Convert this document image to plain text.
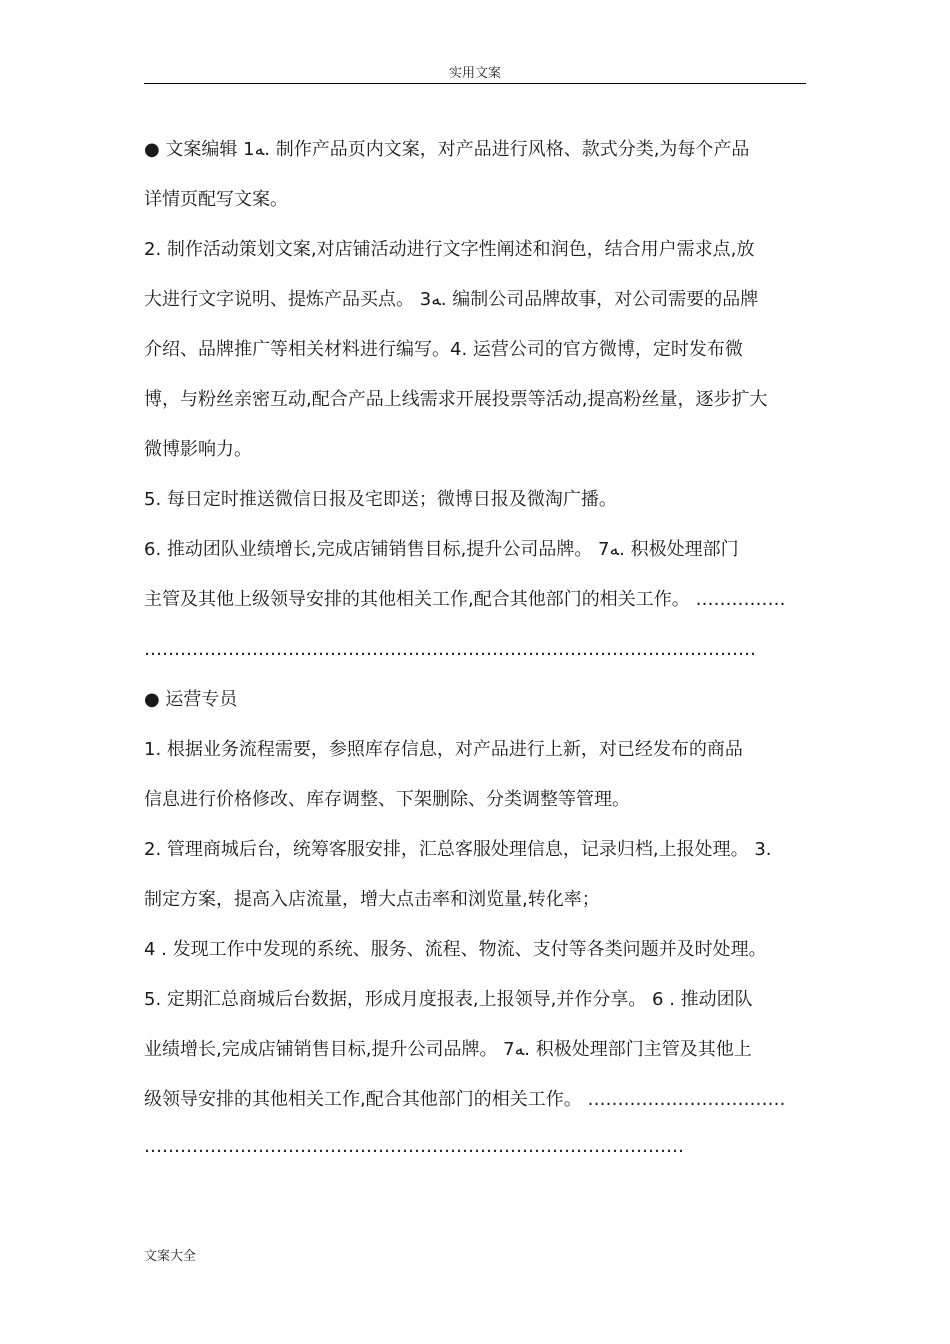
实用文案
● 文案编辑 1ﻪ. 制作产品页内文案，对产品进行风格、款式分类,为每个产品
详情页配写文案。
2. 制作活动策划文案,对店铺活动进行文字性阐述和润色，结合用户需求点,放
大进行文字说明、提炼产品买点。 3ﻪ. 编制公司品牌故事，对公司需要的品牌
介绍、品牌推广等相关材料进行编写。4. 运营公司的官方微博，定时发布微
博，与粉丝亲密互动,配合产品上线需求开展投票等活动,提高粉丝量，逐步扩大
微博影响力。
5. 每日定时推送微信日报及宅即送；微博日报及微淘广播。
6. 推动团队业绩增长,完成店铺销售目标,提升公司品牌。 7ﻪ. 积极处理部门
主管及其他上级领导安排的其他相关工作,配合其他部门的相关工作。 ……………
…………………………………………………………………………………………
● 运营专员
1. 根据业务流程需要，参照库存信息，对产品进行上新，对已经发布的商品
信息进行价格修改、库存调整、下架删除、分类调整等管理。
2. 管理商城后台，统筹客服安排，汇总客服处理信息，记录归档,上报处理。 3.
制定方案，提高入店流量，增大点击率和浏览量,转化率；
4 . 发现工作中发现的系统、服务、流程、物流、支付等各类问题并及时处理。
5. 定期汇总商城后台数据，形成月度报表,上报领导,并作分享。 6 . 推动团队
业绩增长,完成店铺销售目标,提升公司品牌。 7ﻪ. 积极处理部门主管及其他上
级领导安排的其他相关工作,配合其他部门的相关工作。 ……………………………
………………………………………………………………………………
文案大全
